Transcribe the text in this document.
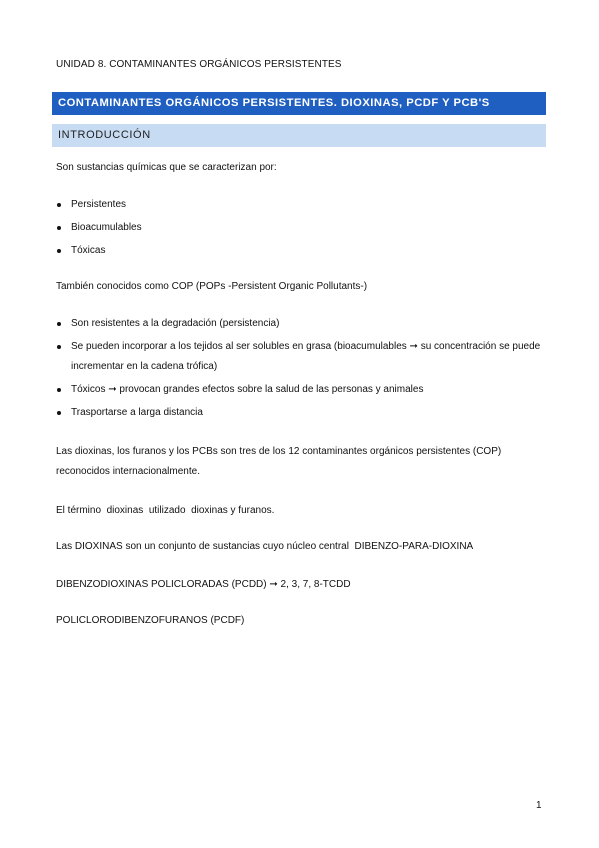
UNIDAD 8. CONTAMINANTES ORGÁNICOS PERSISTENTES
CONTAMINANTES ORGÁNICOS PERSISTENTES. DIOXINAS, PCDF Y PCB'S
INTRODUCCIÓN
Son sustancias químicas que se caracterizan por:
Persistentes
Bioacumulables
Tóxicas
También conocidos como COP (POPs -Persistent Organic Pollutants-)
Son resistentes a la degradación (persistencia)
Se pueden incorporar a los tejidos al ser solubles en grasa (bioacumulables ➞ su concentración se puede incrementar en la cadena trófica)
Tóxicos ➞ provocan grandes efectos sobre la salud de las personas y animales
Trasportarse a larga distancia
Las dioxinas, los furanos y los PCBs son tres de los 12 contaminantes orgánicos persistentes (COP) reconocidos internacionalmente.
El término  dioxinas  utilizado  dioxinas y furanos.
Las DIOXINAS son un conjunto de sustancias cuyo núcleo central  DIBENZO-PARA-DIOXINA
DIBENZODIOXINAS POLICLORADAS (PCDD) ➞ 2, 3, 7, 8-TCDD
POLICLORODIBENZOFURANOS (PCDF)
1
